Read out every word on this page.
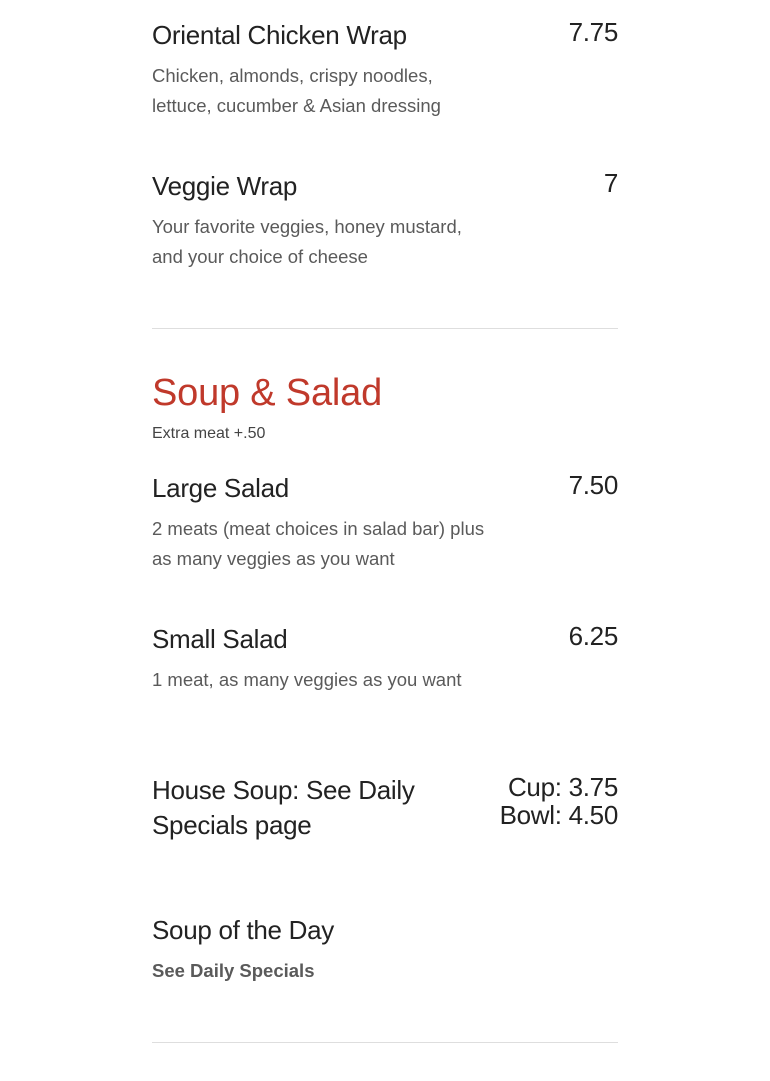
Oriental Chicken Wrap	7.75
Chicken, almonds, crispy noodles, lettuce, cucumber & Asian dressing
Veggie Wrap	7
Your favorite veggies, honey mustard, and your choice of cheese
Soup & Salad
Extra meat +.50
Large Salad	7.50
2 meats (meat choices in salad bar) plus as many veggies as you want
Small Salad	6.25
1 meat, as many veggies as you want
House Soup: See Daily Specials page
Cup: 3.75 Bowl: 4.50
Soup of the Day
See Daily Specials
